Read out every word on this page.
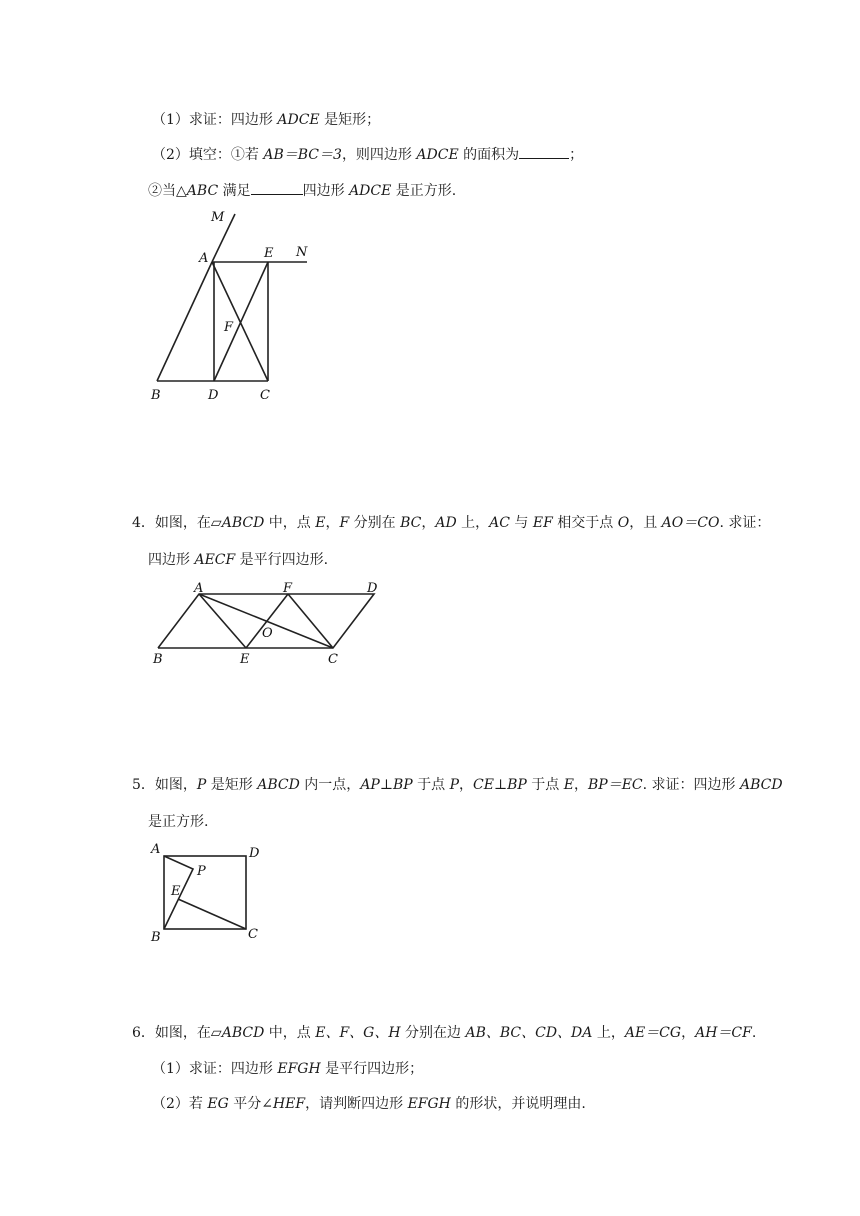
（1）求证：四边形 ADCE 是矩形；
（2）填空：①若 AB＝BC＝3，则四边形 ADCE 的面积为	；
②当△ABC 满足	四边形 ADCE 是正方形.
M
A	E N
F
B	D	C
4．如图，在▱ABCD 中，点 E，F 分别在 BC，AD 上，AC 与 EF 相交于点 O，且 AO＝CO. 求证：
四边形 AECF 是平行四边形.
A	F	D
O
B	E	C
5．如图，P 是矩形 ABCD 内一点，AP⊥BP 于点 P，CE⊥BP 于点 E，BP＝EC. 求证：四边形 ABCD
是正方形.
A	D
P
E
B	C
6．如图，在▱ABCD 中，点 E、F、G、H 分别在边 AB、BC、CD、DA 上，AE＝CG，AH＝CF.
（1）求证：四边形 EFGH 是平行四边形；
（2）若 EG 平分∠HEF，请判断四边形 EFGH 的形状，并说明理由.
